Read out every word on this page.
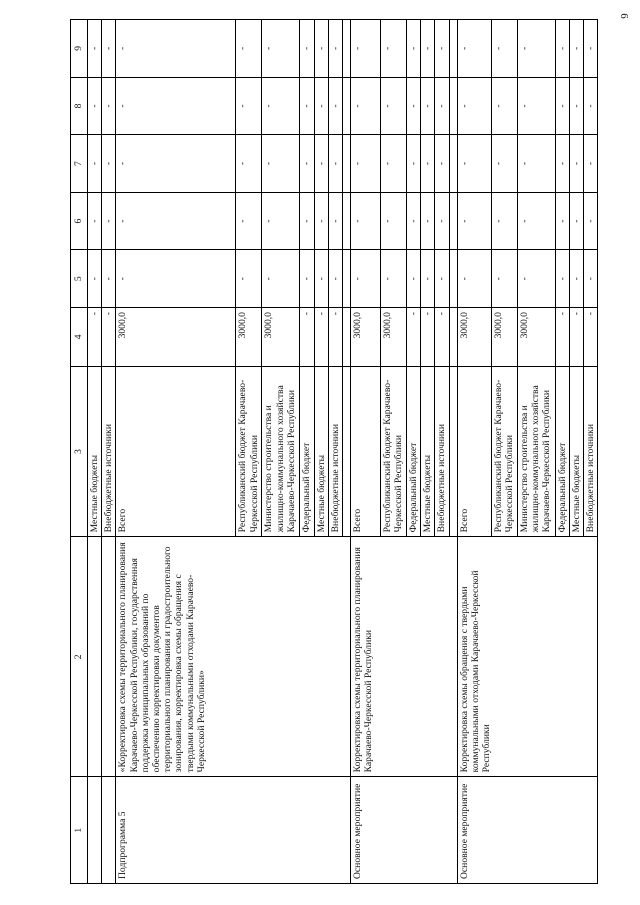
6
1	2	3	4	5	6	7	8	9
		Местные бюджеты	-	-	-	-	-	-
		Внебюджетные источники	-	-	-	-	-	-
Подпрограмма 5	«Корректировка схемы территориального планирования Карачаево-Черкесской Республики, государственная поддержка муниципальных образований по обеспечению корректировки документов территориального планирования и градостроительного зонирования, корректировка схемы обращения с твердыми коммунальными отходами Карачаево-Черкесской Республики»	Всего	3000,0	-	-	-	-	-
		Республиканский бюджет Карачаево-Черкесской Республики	3000,0	-	-	-	-	-
		Министерство строительства и жилищно-коммунального хозяйства Карачаево-Черкесской Республики	3000,0	-	-	-	-	-
		Федеральный бюджет	-	-	-	-	-	-
		Местные бюджеты	-	-	-	-	-	-
		Внебюджетные источники	-	-	-	-	-	-

Основное мероприятие	Корректировка схемы территориального планирования Карачаево-Черкесской Республики	Всего	3000,0	-	-	-	-	-
		Республиканский бюджет Карачаево-Черкесской Республики	3000,0	-	-	-	-	-
		Федеральный бюджет	-	-	-	-	-	-
		Местные бюджеты	-	-	-	-	-	-
		Внебюджетные источники	-	-	-	-	-	-

Основное мероприятие	Корректировка схемы обращения с твердыми коммунальными отходами Карачаево-Черкесской Республики	Всего	3000,0	-	-	-	-	-
		Республиканский бюджет Карачаево-Черкесской Республики	3000,0	-	-	-	-	-
		Министерство строительства и жилищно-коммунального хозяйства Карачаево-Черкесской Республики	3000,0	-	-	-	-	-
		Федеральный бюджет	-	-	-	-	-	-
		Местные бюджеты	-	-	-	-	-	-
		Внебюджетные источники	-	-	-	-	-	-
